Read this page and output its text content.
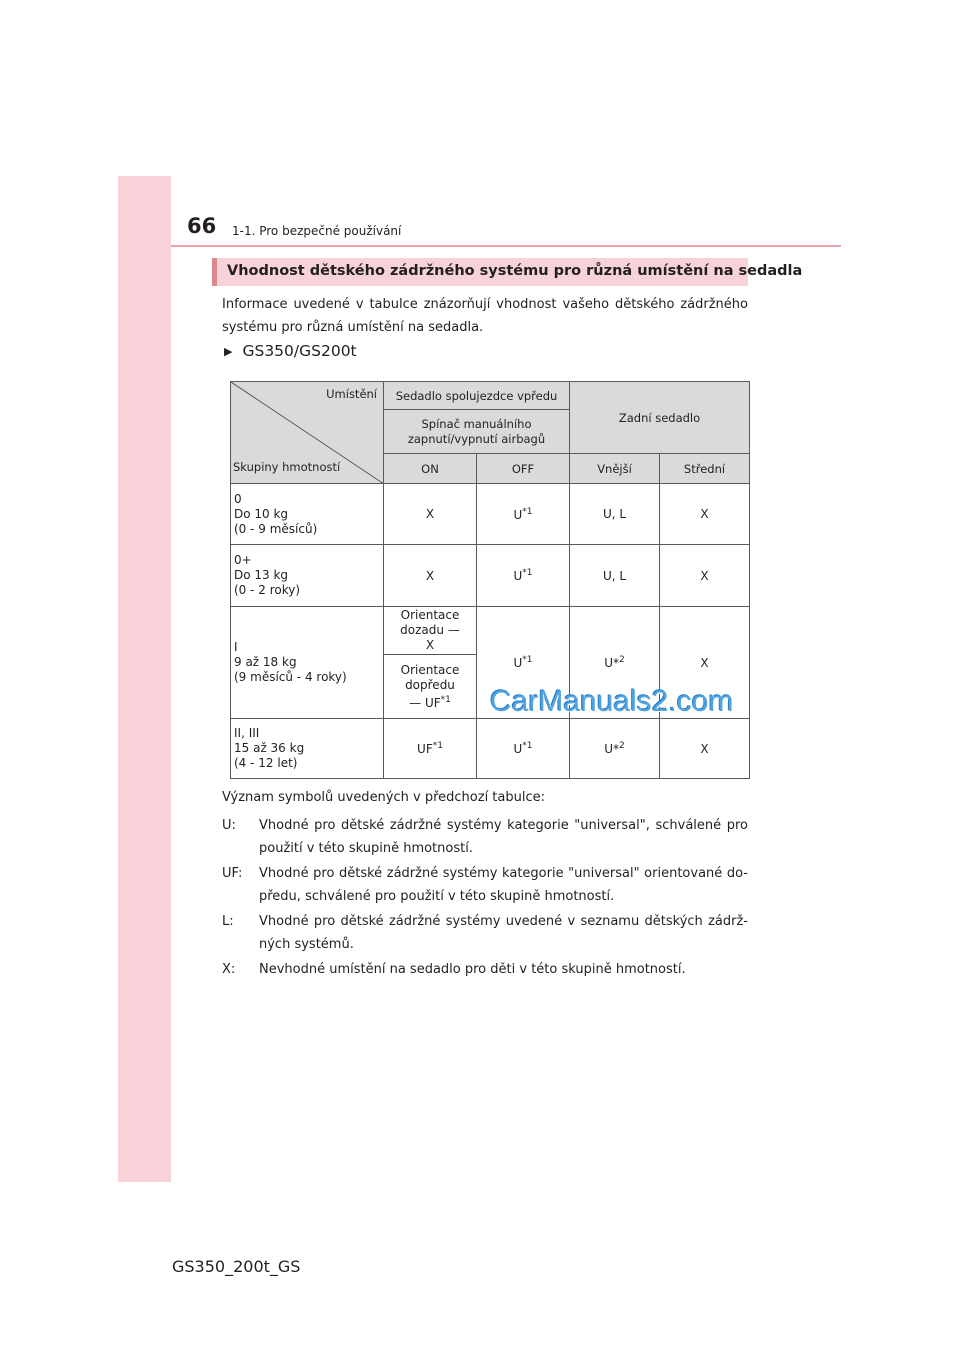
66 1-1. Pro bezpečné používání
Vhodnost dětského zádržného systému pro různá umístění na sedadla
Informace uvedené v tabulce znázorňují vhodnost vašeho dětského zádržného systému pro různá umístění na sedadla.
▶ GS350/GS200t
Umístění
Skupiny hmotností	Sedadlo spolujezdce vpředu		Zadní sedadlo	
	Spínač manuálního zapnutí/vypnutí airbagů			
	ON	OFF	Vnější	Střední

0
Do 10 kg
(0 - 9 měsíců)	X	$U^{*1}$	U, L	X

0+
Do 13 kg
(0 - 2 roky)	X	$U^{*1}$	U, L	X

I
9 až 18 kg
(9 měsíců - 4 roky)	Orientace dozadu — X	$U^{*1}$	U*$^2$	X
	Orientace dopředu — UF$^{*1}$

II, III
15 až 36 kg
(4 - 12 let)	UF$^{*1}$	$U^{*1}$	U*$^2$	X
CarManuals2.com
Význam symbolů uvedených v předchozí tabulce:
U: Vhodné pro dětské zádržné systémy kategorie "universal", schválené pro použití v této skupině hmotností.
UF: Vhodné pro dětské zádržné systémy kategorie "universal" orientované do-předu, schválené pro použití v této skupině hmotností.
L: Vhodné pro dětské zádržné systémy uvedené v seznamu dětských zádrž-ných systémů.
X: Nevhodné umístění na sedadlo pro děti v této skupině hmotností.
GS350_200t_GS
